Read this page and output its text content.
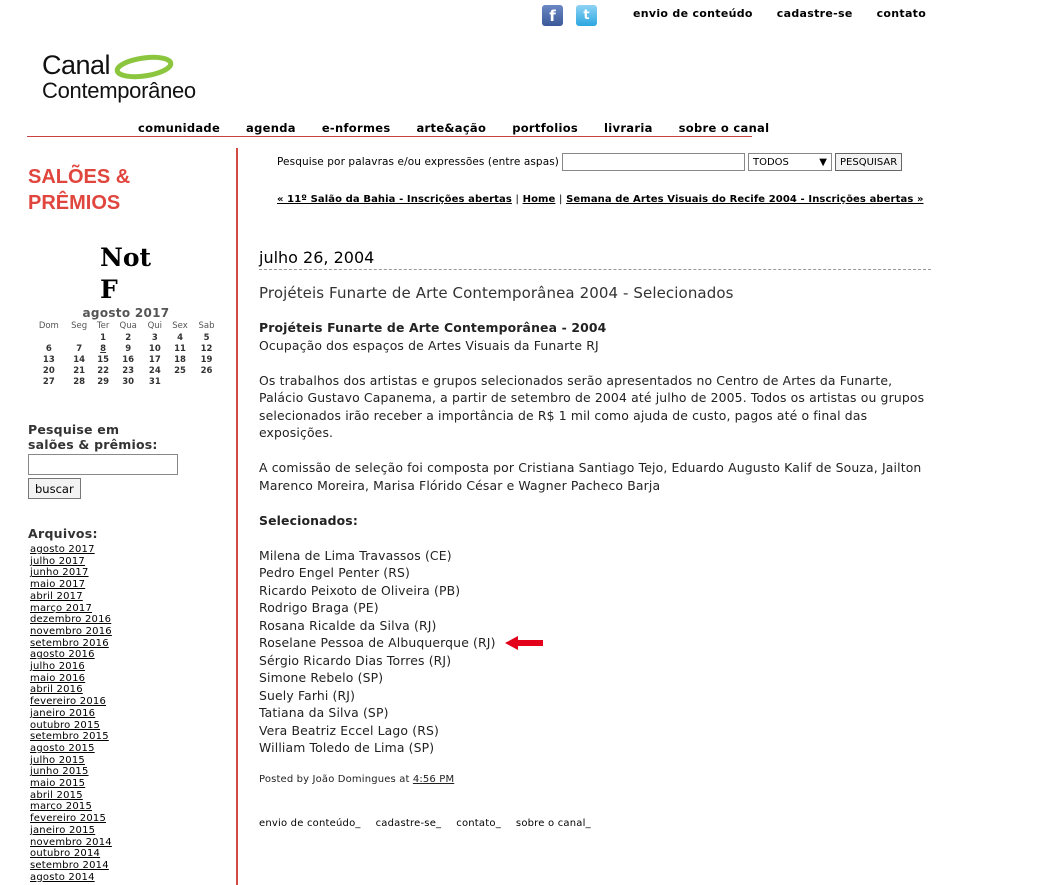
f	t	envio de conteúdo cadastre-se contato
Canal
Contemporâneo
comunidade agenda e-nformes arte&ação portfolios livraria sobre o canal
SALÕES &
PRÊMIOS
Not F
agosto 2017
Dom	Seg	Ter	Qua	Qui	Sex	Sab
		1	2	3	4	5
6	7	8	9	10	11	12
13	14	15	16	17	18	19
20	21	22	23	24	25	26
27	28	29	30	31		
Pesquise em
salões & prêmios:
buscar
Arquivos:
agosto 2017
julho 2017
junho 2017
maio 2017
abril 2017
março 2017
dezembro 2016
novembro 2016
setembro 2016
agosto 2016
julho 2016
maio 2016
abril 2016
fevereiro 2016
janeiro 2016
outubro 2015
setembro 2015
agosto 2015
julho 2015
junho 2015
maio 2015
abril 2015
março 2015
fevereiro 2015
janeiro 2015
novembro 2014
outubro 2014
setembro 2014
agosto 2014
Pesquise por palavras e/ou expressões (entre aspas)	TODOS	▼	PESQUISAR
« 11º Salão da Bahia - Inscrições abertas | Home | Semana de Artes Visuais do Recife 2004 - Inscrições abertas »
julho 26, 2004
Projéteis Funarte de Arte Contemporânea 2004 - Selecionados

Projéteis Funarte de Arte Contemporânea - 2004

Ocupação dos espaços de Artes Visuais da Funarte RJ

Os trabalhos dos artistas e grupos selecionados serão apresentados no Centro de Artes da Funarte, Palácio Gustavo Capanema, a partir de setembro de 2004 até julho de 2005. Todos os artistas ou grupos selecionados irão receber a importância de R$ 1 mil como ajuda de custo, pagos até o final das exposições.

A comissão de seleção foi composta por Cristiana Santiago Tejo, Eduardo Augusto Kalif de Souza, Jailton Marenco Moreira, Marisa Flórido César e Wagner Pacheco Barja

Selecionados:

Milena de Lima Travassos (CE)
Pedro Engel Penter (RS)
Ricardo Peixoto de Oliveira (PB)
Rodrigo Braga (PE)
Rosana Ricalde da Silva (RJ)
Roselane Pessoa de Albuquerque (RJ)
Sérgio Ricardo Dias Torres (RJ)
Simone Rebelo (SP)
Suely Farhi (RJ)
Tatiana da Silva (SP)
Vera Beatriz Eccel Lago (RS)
William Toledo de Lima (SP)
Posted by João Domingues at 4:56 PM
envio de conteúdo_ cadastre-se_ contato_ sobre o canal_
